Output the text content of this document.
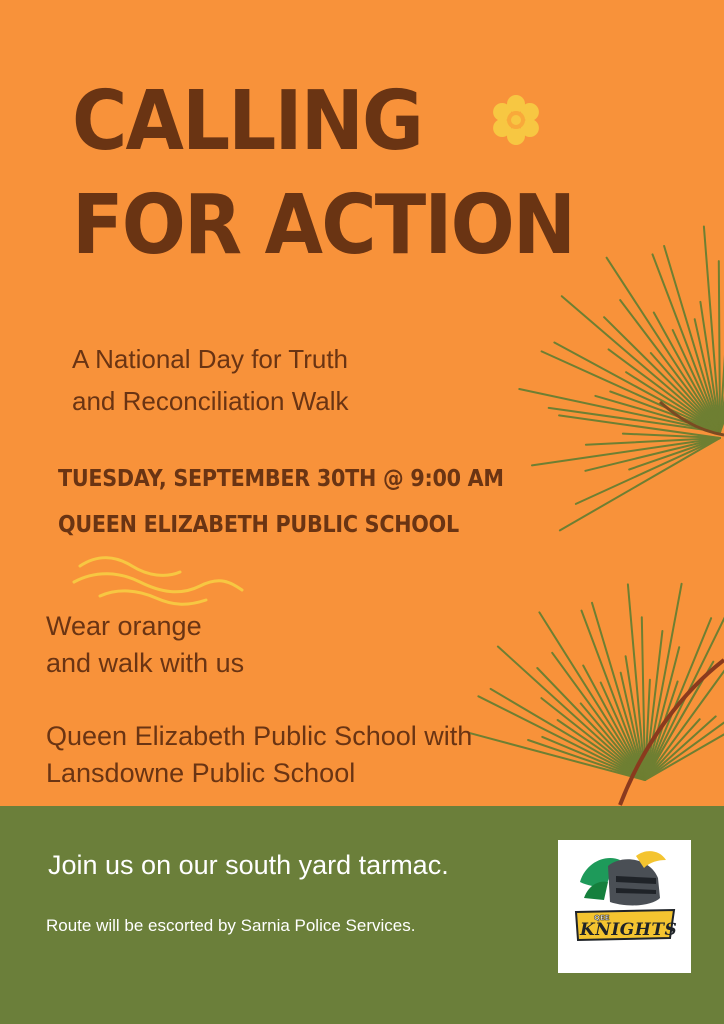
CALLING
FOR ACTION
A National Day for Truth
and Reconciliation Walk
TUESDAY, SEPTEMBER 30TH @ 9:00 AM
QUEEN ELIZABETH PUBLIC SCHOOL
Wear orange
and walk with us
Queen Elizabeth Public School with
Lansdowne Public School
Join us on our south yard tarmac.
Route will be escorted by Sarnia Police Services.	QEE
KNIGHTS
